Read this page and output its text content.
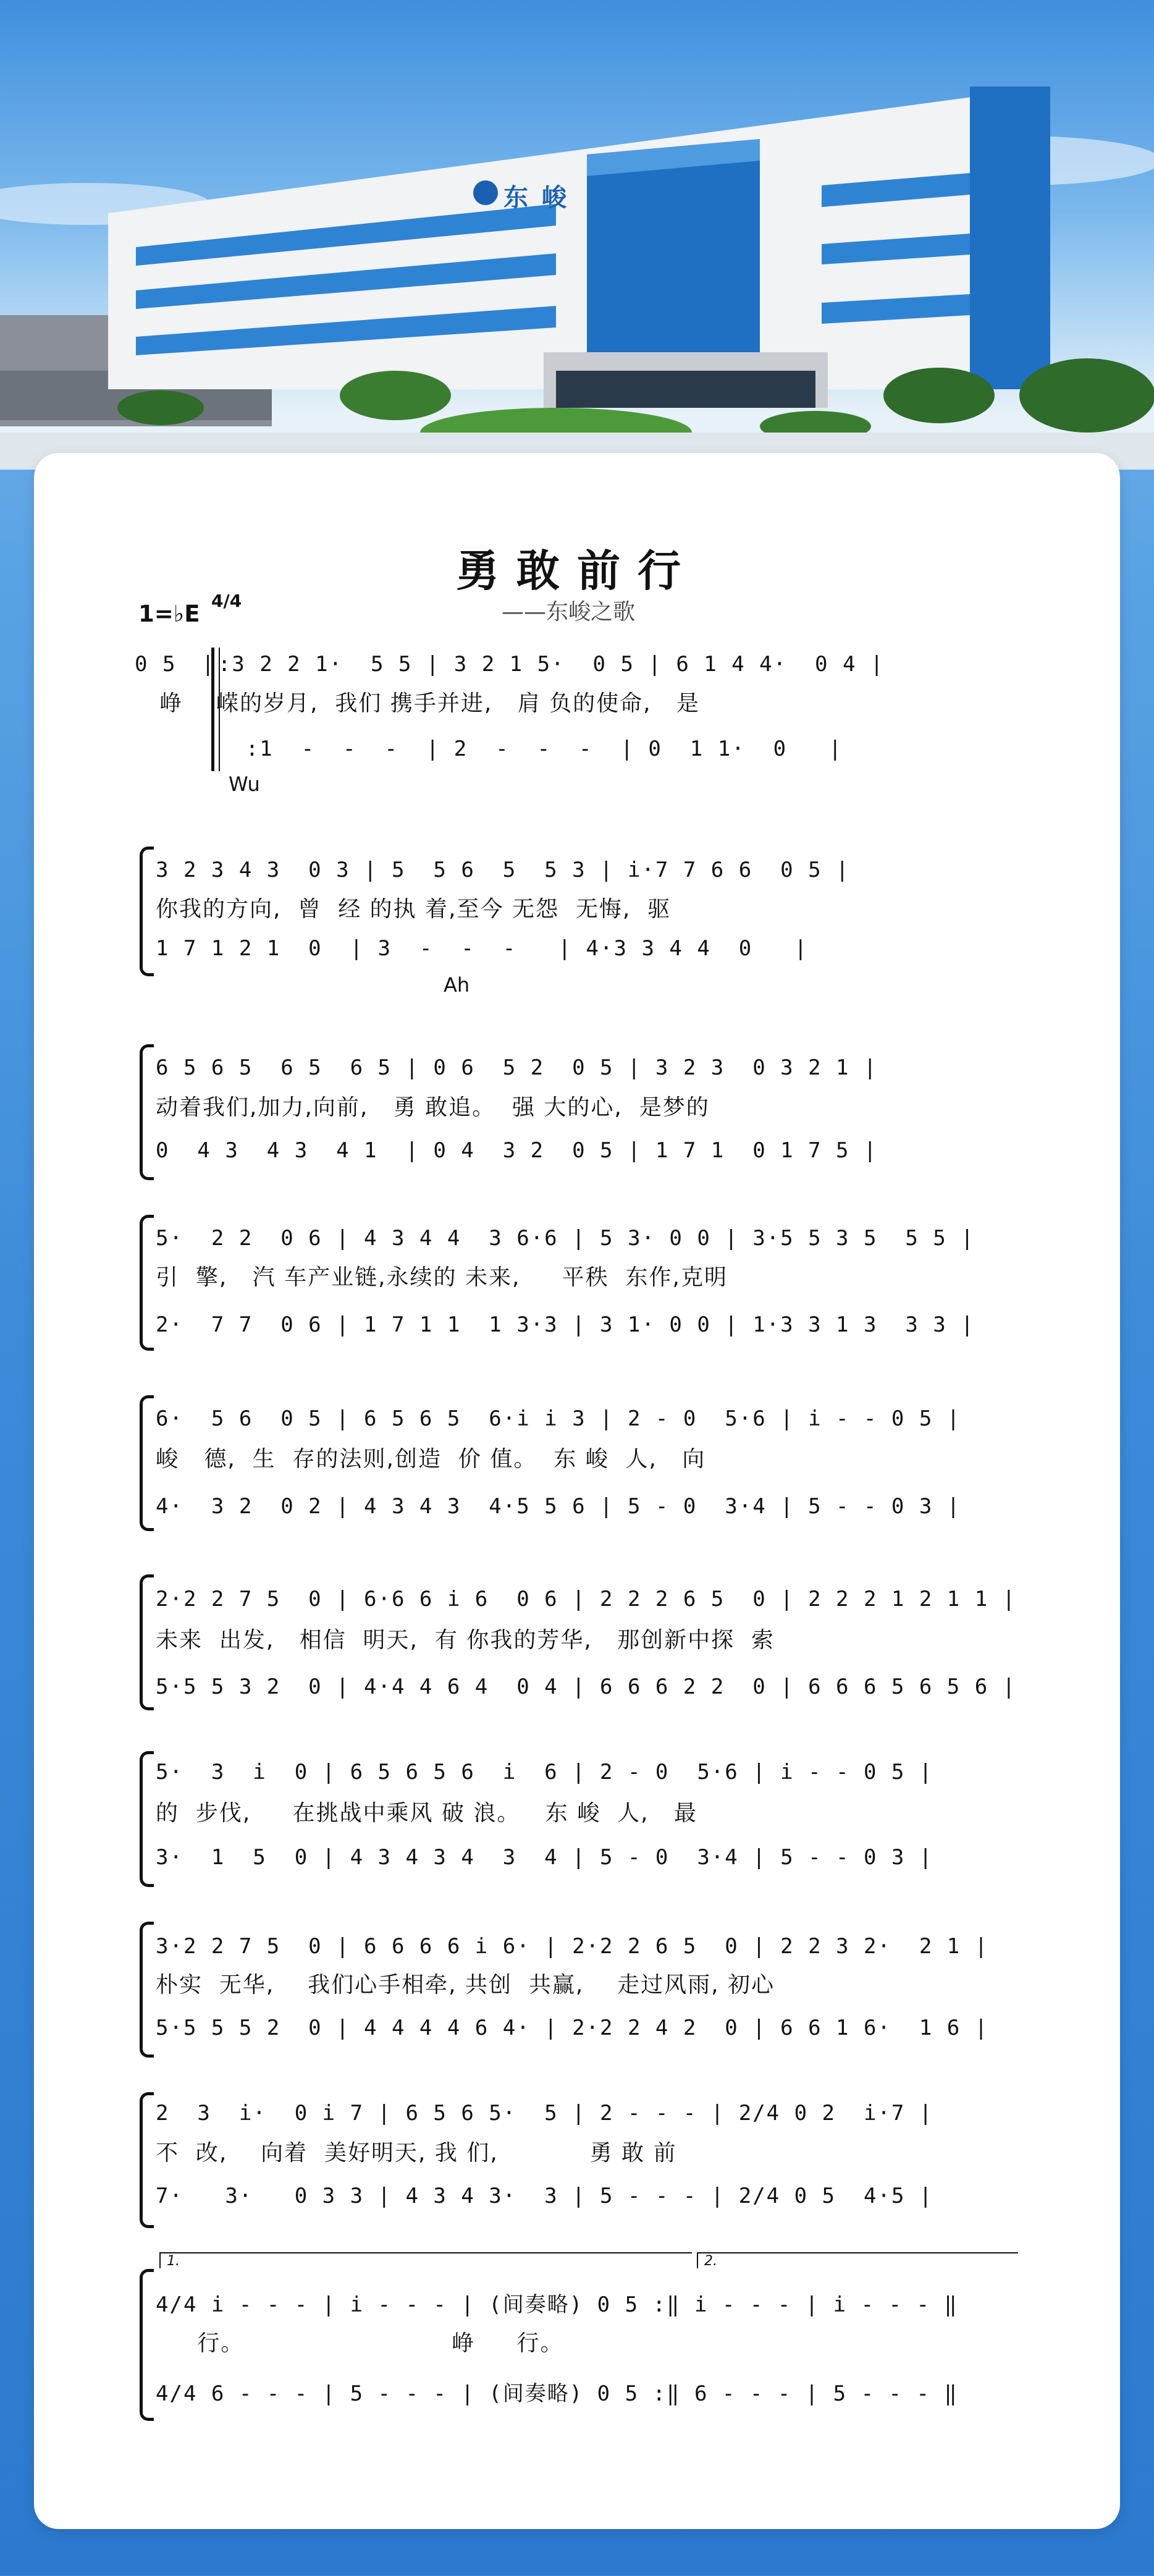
东 峻
勇敢前行
——东峻之歌
1=♭E 4/4
0 5  ‖:3 2 2 1·  5 5 | 3 2 1 5·  0 5 | 6 1 4 4·  0 4 |
峥    嵘的岁月,  我们 携手并进,   肩 负的使命,   是
:1  -  -  -  | 2  -  -  -  | 0  1 1·  0   |
Wu
3 2 3 4 3  0 3 | 5  5 6  5  5 3 | i·7 7 6 6  0 5 |
你我的方向,  曾  经 的执 着,至今 无怨  无悔,  驱
1 7 1 2 1  0  | 3  -  -  -   | 4·3 3 4 4  0   |
Ah
6 5 6 5  6 5  6 5 | 0 6  5 2  0 5 | 3 2 3  0 3 2 1 |
动着我们,加力,向前,   勇 敢追。  强 大的心,  是梦的
0  4 3  4 3  4 1  | 0 4  3 2  0 5 | 1 7 1  0 1 7 5 |
5·  2 2  0 6 | 4 3 4 4  3 6·6 | 5 3· 0 0 | 3·5 5 3 5  5 5 |
引  擎,   汽 车产业链,永续的 未来,     平秩  东作,克明
2·  7 7  0 6 | 1 7 1 1  1 3·3 | 3 1· 0 0 | 1·3 3 1 3  3 3 |
6·  5 6  0 5 | 6 5 6 5  6·i i 3 | 2 - 0  5·6 | i - - 0 5 |
峻   德,  生  存的法则,创造  价 值。  东 峻  人,   向
4·  3 2  0 2 | 4 3 4 3  4·5 5 6 | 5 - 0  3·4 | 5 - - 0 3 |
2·2 2 7 5  0 | 6·6 6 i 6  0 6 | 2 2 2 6 5  0 | 2 2 2 1 2 1 1 |
未来  出发,   相信  明天,  有 你我的芳华,   那创新中探  索
5·5 5 3 2  0 | 4·4 4 6 4  0 4 | 6 6 6 2 2  0 | 6 6 6 5 6 5 6 |
5·  3  i  0 | 6 5 6 5 6  i  6 | 2 - 0  5·6 | i - - 0 5 |
的  步伐,     在挑战中乘风 破 浪。   东 峻  人,   最
3·  1  5  0 | 4 3 4 3 4  3  4 | 5 - 0  3·4 | 5 - - 0 3 |
3·2 2 7 5  0 | 6 6 6 6 i 6· | 2·2 2 6 5  0 | 2 2 3 2·  2 1 |
朴实  无华,    我们心手相牵, 共创  共赢,    走过风雨, 初心
5·5 5 5 2  0 | 4 4 4 4 6 4· | 2·2 2 4 2  0 | 6 6 1 6·  1 6 |
2  3  i·  0 i 7 | 6 5 6 5·  5 | 2 - - - | 2/4 0 2  i·7 |
不  改,    向着  美好明天, 我 们,           勇 敢 前
7·   3·   0 3 3 | 4 3 4 3·  3 | 5 - - - | 2/4 0 5  4·5 |
1.	2.
4/4 i - - - | i - - - | (间奏略) 0 5 :‖ i - - - | i - - - ‖
行。                         峥     行。
4/4 6 - - - | 5 - - - | (间奏略) 0 5 :‖ 6 - - - | 5 - - - ‖
